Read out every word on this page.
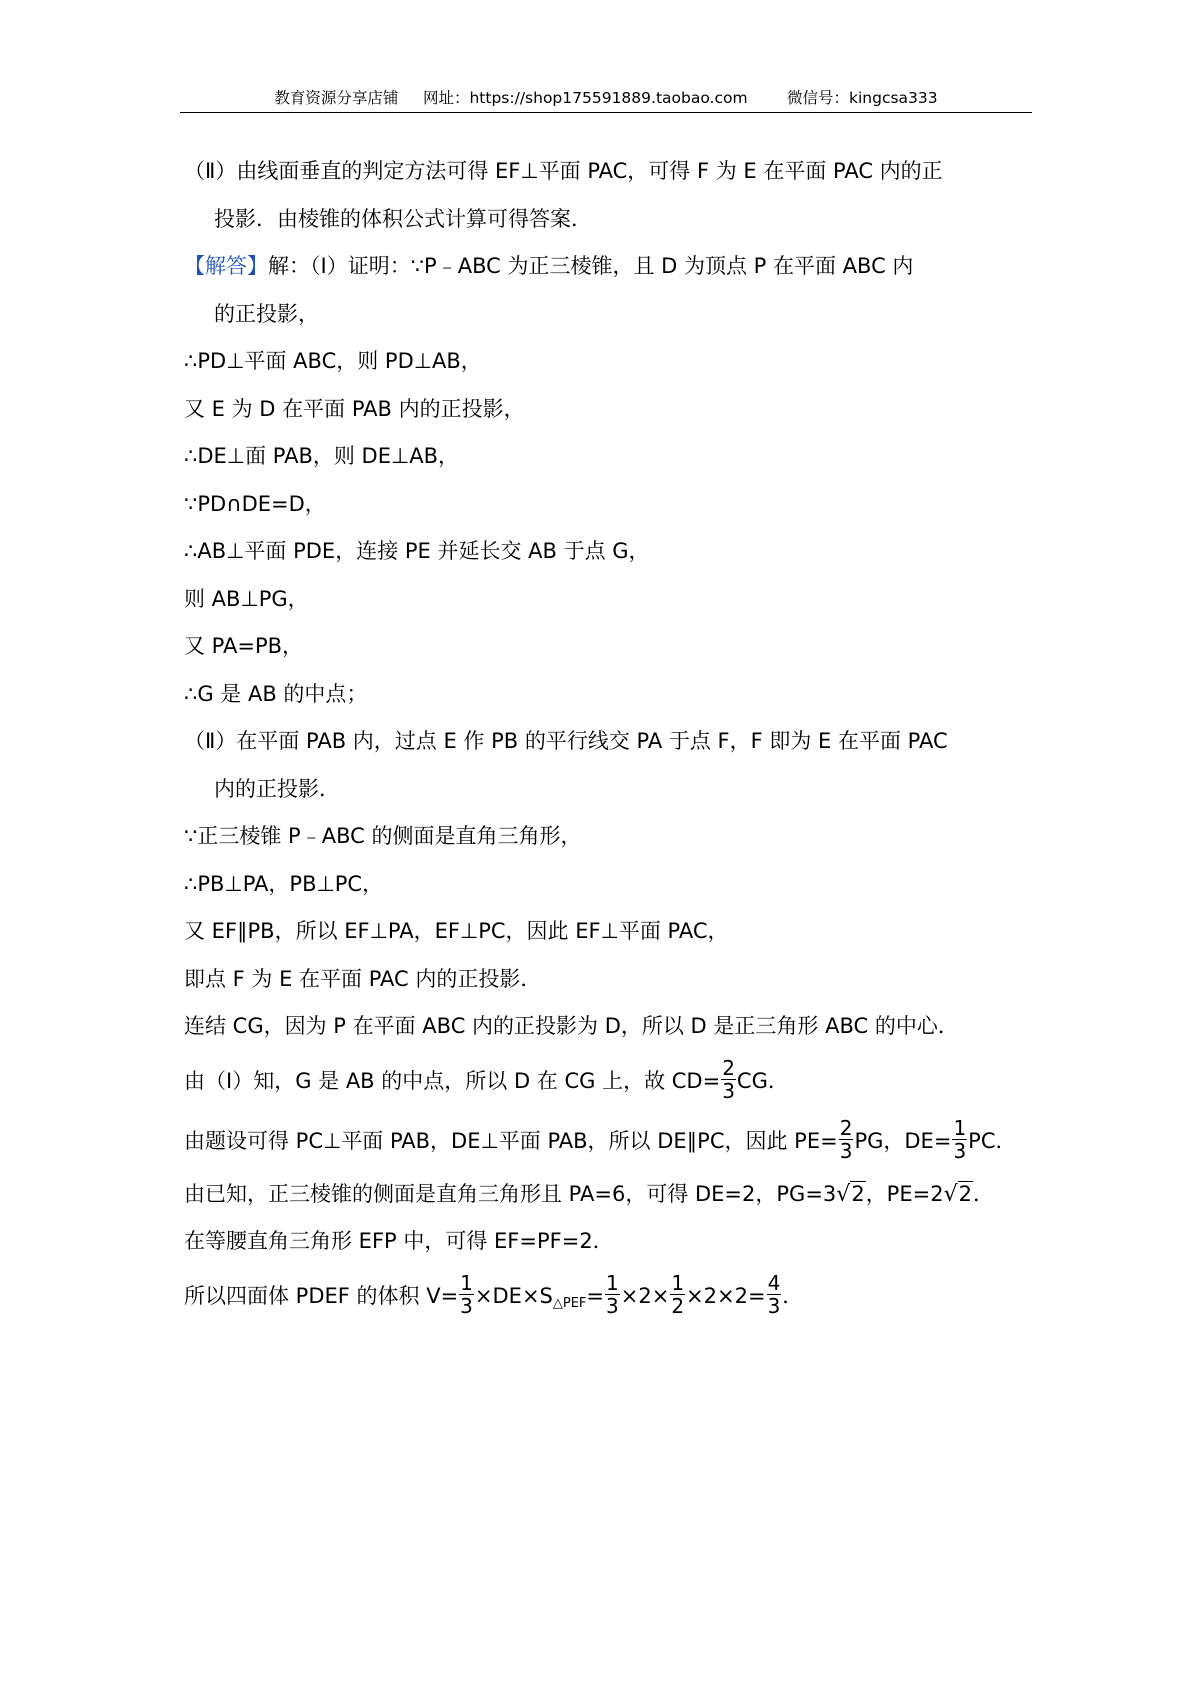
教育资源分享店铺 网址：https://shop175591889.taobao.com	微信号：kingcsa333
（Ⅱ）由线面垂直的判定方法可得 EF⊥平面 PAC，可得 F 为 E 在平面 PAC 内的正
投影．由棱锥的体积公式计算可得答案．
【解答】解：（Ⅰ）证明：∵P﹣ABC 为正三棱锥，且 D 为顶点 P 在平面 ABC 内
的正投影，
∴PD⊥平面 ABC，则 PD⊥AB，
又 E 为 D 在平面 PAB 内的正投影，
∴DE⊥面 PAB，则 DE⊥AB，
∵PD∩DE=D，
∴AB⊥平面 PDE，连接 PE 并延长交 AB 于点 G，
则 AB⊥PG，
又 PA=PB，
∴G 是 AB 的中点；
（Ⅱ）在平面 PAB 内，过点 E 作 PB 的平行线交 PA 于点 F，F 即为 E 在平面 PAC
内的正投影．
∵正三棱锥 P﹣ABC 的侧面是直角三角形，
∴PB⊥PA，PB⊥PC，
又 EF∥PB，所以 EF⊥PA，EF⊥PC，因此 EF⊥平面 PAC，
即点 F 为 E 在平面 PAC 内的正投影．
连结 CG，因为 P 在平面 ABC 内的正投影为 D，所以 D 是正三角形 ABC 的中心．
由（Ⅰ）知，G 是 AB 的中点，所以 D 在 CG 上，故 $CD= \frac{2}{3}$ CG．
由题设可得 PC⊥平面 PAB，DE⊥平面 PAB，所以 DE∥PC，因此 $PE= \frac{2}{3}$ PG，$DE= \frac{1}{3}$ PC．
由已知，正三棱锥的侧面是直角三角形且 PA=6，可得 DE=2，PG=3√2，PE=2√2．
在等腰直角三角形 EFP 中，可得 EF=PF=2．
所以四面体 PDEF 的体积 $V= \frac{1}{3} \times DE\times S_{\triangle PEF}= \frac{1}{3} \times 2\times \frac{1}{2} \times 2\times 2= \frac{4}{3}$ ．
